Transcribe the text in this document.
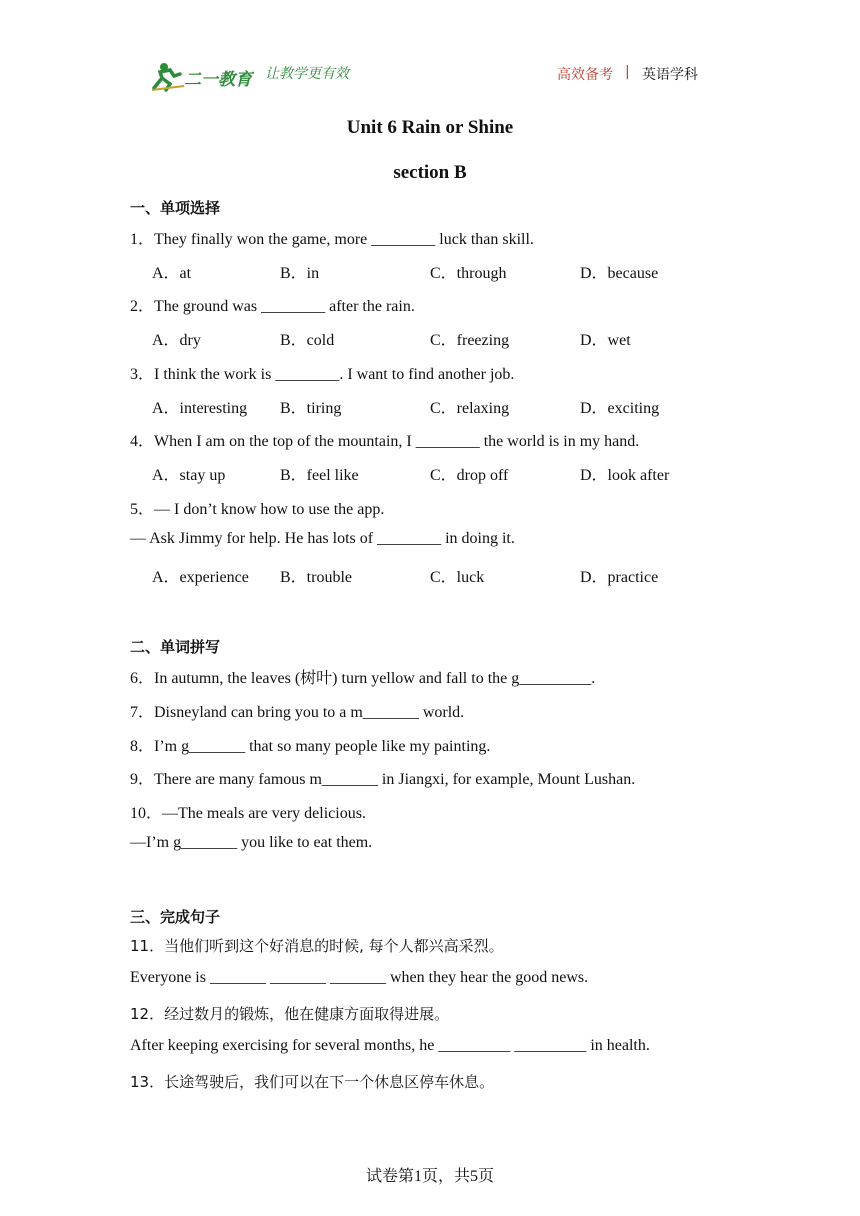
二一教育 让教学更有效	高效备考 | 英语学科
Unit 6 Rain or Shine
section B
一、单项选择
1．They finally won the game, more ________ luck than skill.
A．at	B．in	C．through	D．because
2．The ground was ________ after the rain.
A．dry	B．cold	C．freezing	D．wet
3．I think the work is ________. I want to find another job.
A．interesting B．tiring	C．relaxing	D．exciting
4．When I am on the top of the mountain, I ________ the world is in my hand.
A．stay up	B．feel like	C．drop off	D．look after
5．— I don’t know how to use the app.
— Ask Jimmy for help. He has lots of ________ in doing it.
A．experience B．trouble	C．luck	D．practice
二、单词拼写
6．In autumn, the leaves (树叶) turn yellow and fall to the g_________.
7．Disneyland can bring you to a m_______ world.
8．I’m g_______ that so many people like my painting.
9．There are many famous m_______ in Jiangxi, for example, Mount Lushan.
10．—The meals are very delicious.
—I’m g_______ you like to eat them.
三、完成句子
11．当他们听到这个好消息的时候, 每个人都兴高采烈。
Everyone is _______ _______ _______ when they hear the good news.
12．经过数月的锻炼，他在健康方面取得进展。
After keeping exercising for several months, he _________ _________ in health.
13．长途驾驶后，我们可以在下一个休息区停车休息。
试卷第1页，共5页
